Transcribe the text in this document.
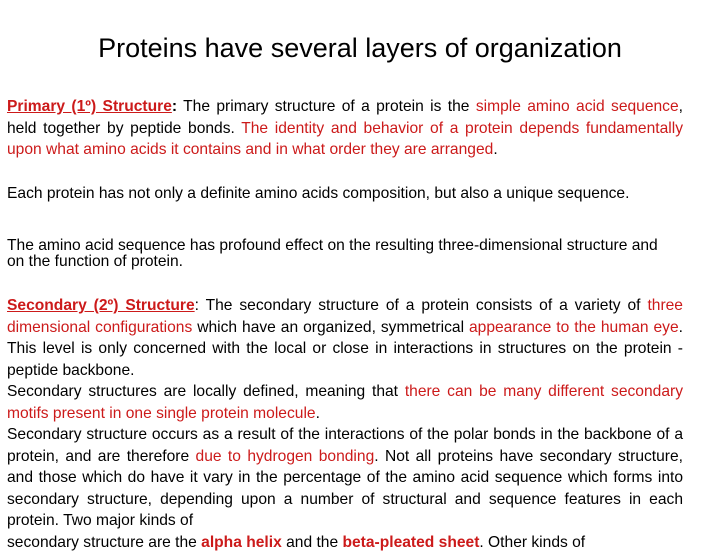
Proteins have several layers of organization
Primary (1º) Structure: The primary structure of a protein is the simple amino acid sequence, held together by peptide bonds. The identity and behavior of a protein depends fundamentally upon what amino acids it contains and in what order they are arranged.
Each protein has not only a definite amino acids composition, but also a unique sequence.
The amino acid sequence has profound effect on the resulting three-dimensional structure and on the function of protein.
Secondary (2º) Structure: The secondary structure of a protein consists of a variety of three dimensional configurations which have an organized, symmetrical appearance to the human eye. This level is only concerned with the local or close in interactions in structures on the protein - peptide backbone.
Secondary structures are locally defined, meaning that there can be many different secondary motifs present in one single protein molecule.
Secondary structure occurs as a result of the interactions of the polar bonds in the backbone of a protein, and are therefore due to hydrogen bonding. Not all proteins have secondary structure, and those which do have it vary in the percentage of the amino acid sequence which forms into secondary structure, depending upon a number of structural and sequence features in each protein. Two major kinds of
secondary structure are the alpha helix and the beta-pleated sheet. Other kinds of
